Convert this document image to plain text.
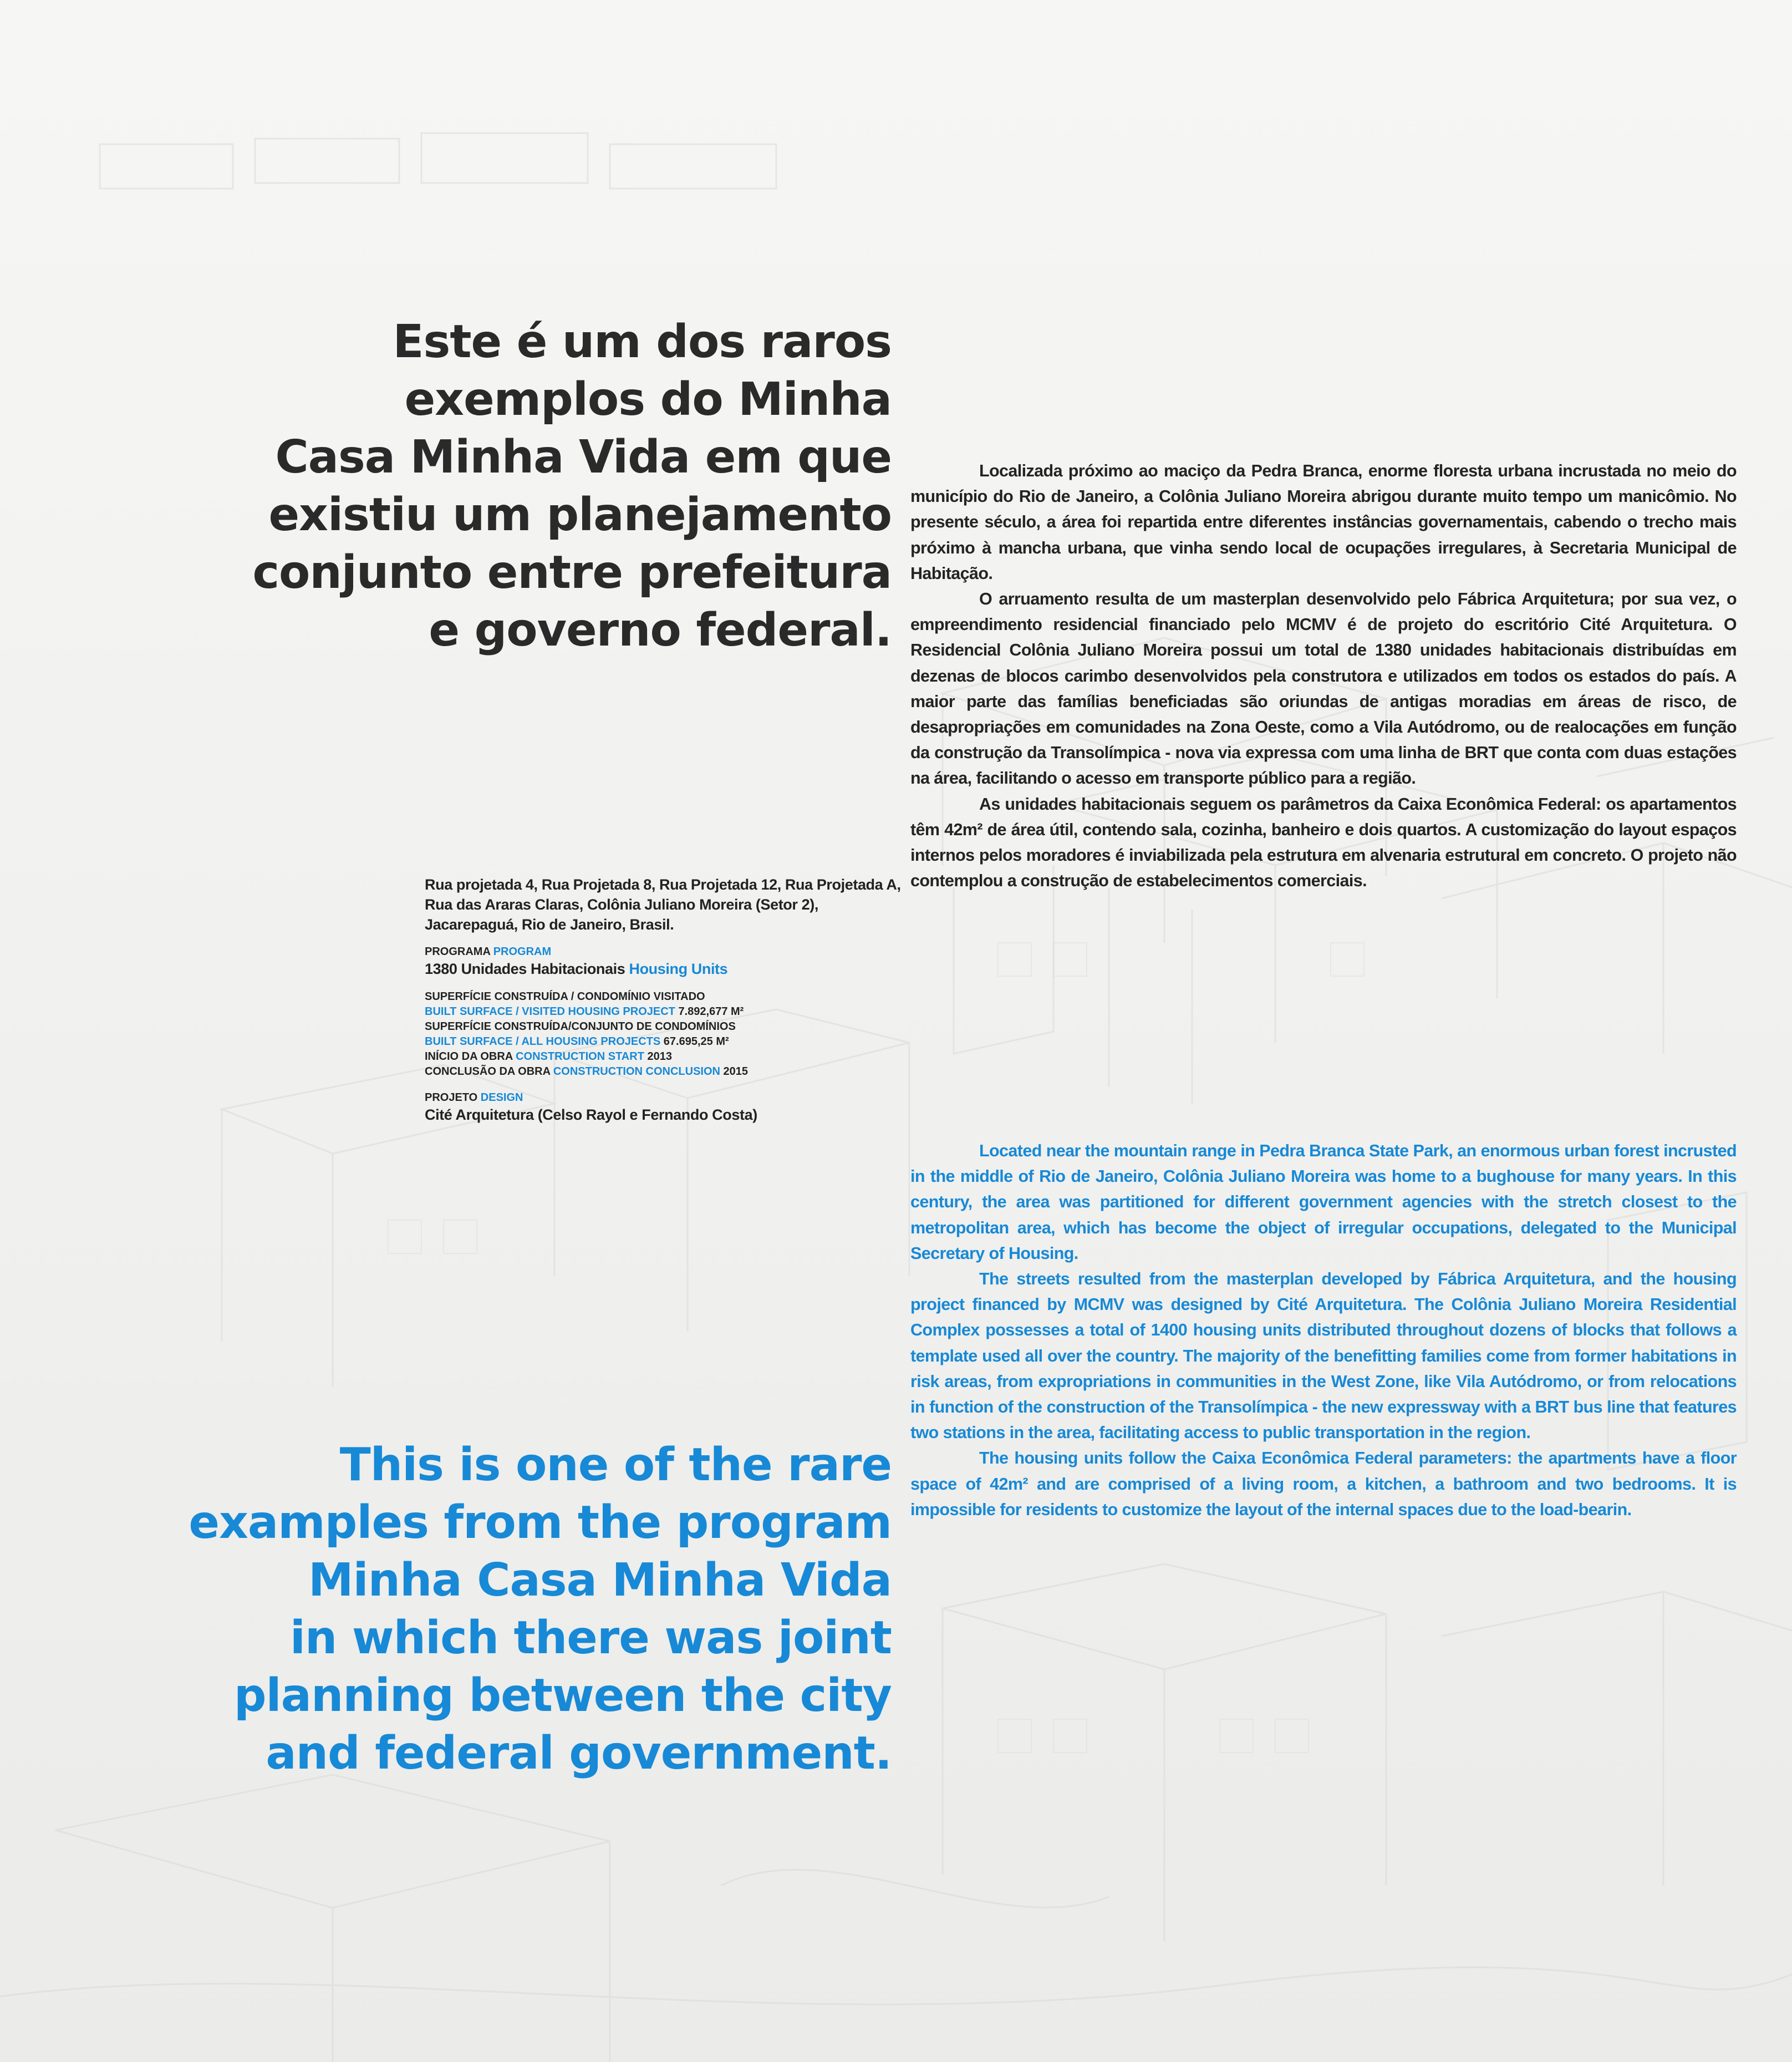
Este é um dos raros
exemplos do Minha
Casa Minha Vida em que
existiu um planejamento
conjunto entre prefeitura
e governo federal.

Localizada próximo ao maciço da Pedra Branca, enorme floresta urbana incrustada no meio do município do Rio de Janeiro, a Colônia Juliano Moreira abrigou durante muito tempo um manicômio. No presente século, a área foi repartida entre diferentes instâncias governamentais, cabendo o trecho mais próximo à mancha urbana, que vinha sendo local de ocupações irregulares, à Secretaria Municipal de Habitação.

O arruamento resulta de um masterplan desenvolvido pelo Fábrica Arquitetura; por sua vez, o empreendimento residencial financiado pelo MCMV é de projeto do escritório Cité Arquitetura. O Residencial Colônia Juliano Moreira possui um total de 1380 unidades habitacionais distribuídas em dezenas de blocos carimbo desenvolvidos pela construtora e utilizados em todos os estados do país. A maior parte das famílias beneficiadas são oriundas de antigas moradias em áreas de risco, de desapropriações em comunidades na Zona Oeste, como a Vila Autódromo, ou de realocações em função da construção da Transolímpica - nova via expressa com uma linha de BRT que conta com duas estações na área, facilitando o acesso em transporte público para a região.

As unidades habitacionais seguem os parâmetros da Caixa Econômica Federal: os apartamentos têm 42m² de área útil, contendo sala, cozinha, banheiro e dois quartos. A customização do layout espaços internos pelos moradores é inviabilizada pela estrutura em alvenaria estrutural em concreto. O projeto não contemplou a construção de estabelecimentos comerciais.

Rua projetada 4, Rua Projetada 8, Rua Projetada 12, Rua Projetada A, Rua das Araras Claras, Colônia Juliano Moreira (Setor 2), Jacarepaguá, Rio de Janeiro, Brasil.

PROGRAMA PROGRAM
1380 Unidades Habitacionais Housing Units
SUPERFÍCIE CONSTRUÍDA / CONDOMÍNIO VISITADO
BUILT SURFACE / VISITED HOUSING PROJECT 7.892,677 M²
SUPERFÍCIE CONSTRUÍDA/CONJUNTO DE CONDOMÍNIOS
BUILT SURFACE / ALL HOUSING PROJECTS 67.695,25 M²
INÍCIO DA OBRA CONSTRUCTION START 2013
CONCLUSÃO DA OBRA CONSTRUCTION CONCLUSION 2015
PROJETO DESIGN
Cité Arquitetura (Celso Rayol e Fernando Costa)

Located near the mountain range in Pedra Branca State Park, an enormous urban forest incrusted in the middle of Rio de Janeiro, Colônia Juliano Moreira was home to a bughouse for many years. In this century, the area was partitioned for different government agencies with the stretch closest to the metropolitan area, which has become the object of irregular occupations, delegated to the Municipal Secretary of Housing.

The streets resulted from the masterplan developed by Fábrica Arquitetura, and the housing project financed by MCMV was designed by Cité Arquitetura. The Colônia Juliano Moreira Residential Complex possesses a total of 1400 housing units distributed throughout dozens of blocks that follows a template used all over the country. The majority of the benefitting families come from former habitations in risk areas, from expropriations in communities in the West Zone, like Vila Autódromo, or from relocations in function of the construction of the Transolímpica - the new expressway with a BRT bus line that features two stations in the area, facilitating access to public transportation in the region.

The housing units follow the Caixa Econômica Federal parameters: the apartments have a floor space of 42m² and are comprised of a living room, a kitchen, a bathroom and two bedrooms. It is impossible for residents to customize the layout of the internal spaces due to the load-bearin.

This is one of the rare
examples from the program
Minha Casa Minha Vida
in which there was joint
planning between the city
and federal government.
